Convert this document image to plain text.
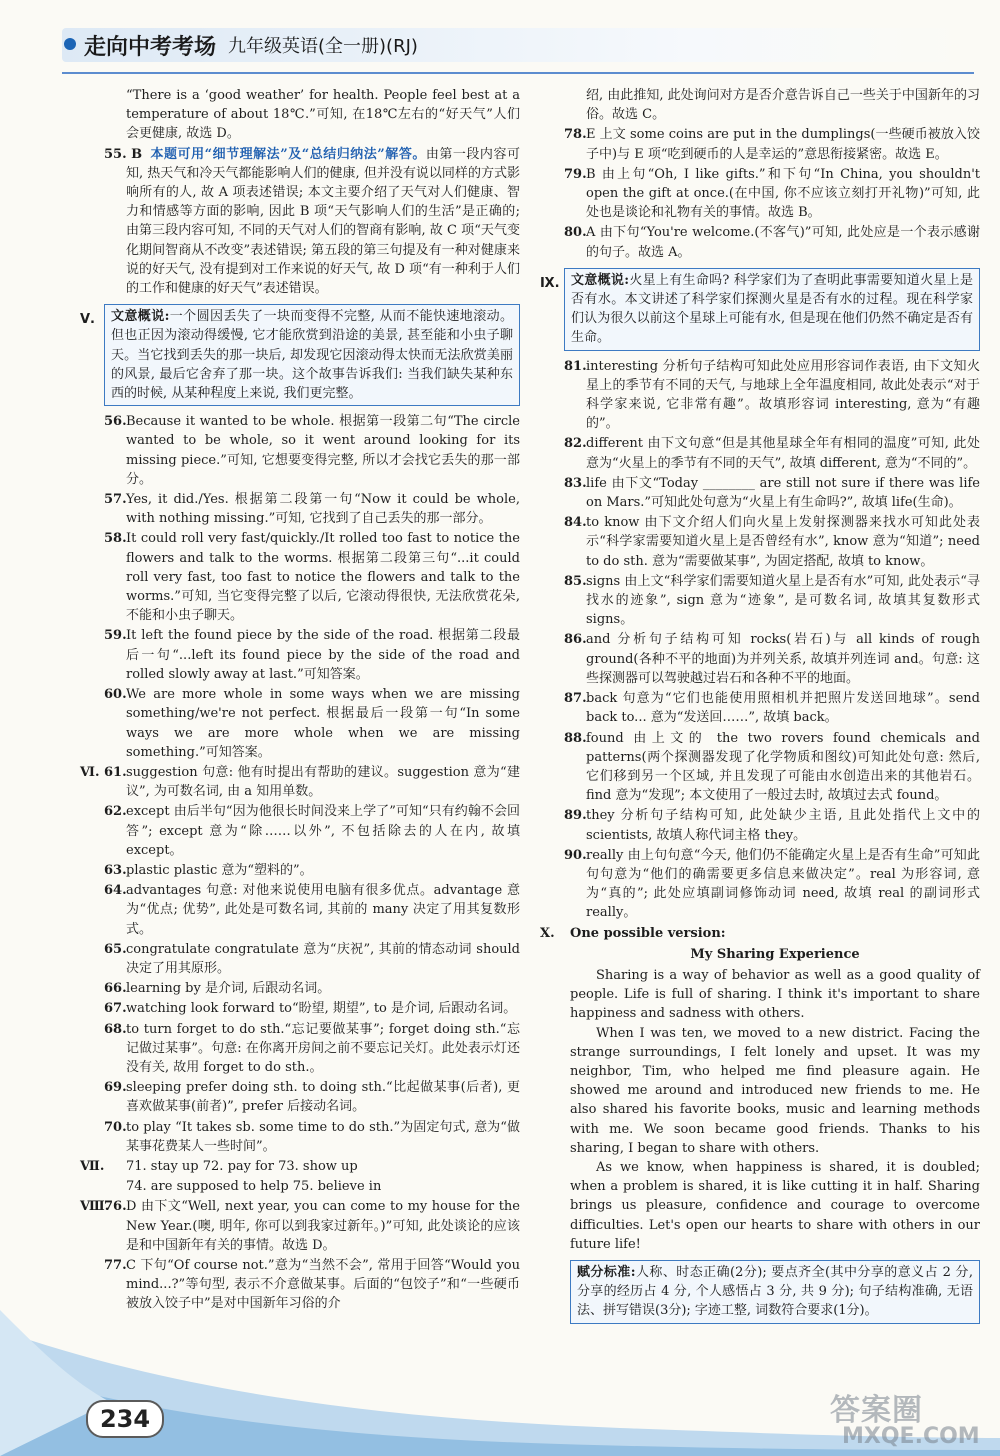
走向中考考场 九年级英语(全一册)(RJ)
“There is a ‘good weather’ for health. People feel best at a temperature of about 18℃.”可知, 在18℃左右的“好天气”人们会更健康, 故选 D。
55. B 本题可用“细节理解法”及“总结归纳法”解答。由第一段内容可知, 热天气和冷天气都能影响人们的健康, 但并没有说以同样的方式影响所有的人, 故 A 项表述错误; 本文主要介绍了天气对人们健康、智力和情感等方面的影响, 因此 B 项“天气影响人们的生活”是正确的; 由第三段内容可知, 不同的天气对人们的智商有影响, 故 C 项“天气变化期间智商从不改变”表述错误; 第五段的第三句提及有一种对健康来说的好天气, 没有提到对工作来说的好天气, 故 D 项“有一种利于人们的工作和健康的好天气”表述错误。
Ⅴ.	文意概说:一个圆因丢失了一块而变得不完整, 从而不能快速地滚动。但也正因为滚动得缓慢, 它才能欣赏到沿途的美景, 甚至能和小虫子聊天。当它找到丢失的那一块后, 却发现它因滚动得太快而无法欣赏美丽的风景, 最后它舍弃了那一块。这个故事告诉我们: 当我们缺失某种东西的时候, 从某种程度上来说, 我们更完整。
56. Because it wanted to be whole. 根据第一段第二句“The circle wanted to be whole, so it went around looking for its missing piece.”可知, 它想要变得完整, 所以才会找它丢失的那一部分。
57. Yes, it did./Yes. 根据第二段第一句“Now it could be whole, with nothing missing.”可知, 它找到了自己丢失的那一部分。
58. It could roll very fast/quickly./It rolled too fast to notice the flowers and talk to the worms. 根据第二段第三句“...it could roll very fast, too fast to notice the flowers and talk to the worms.”可知, 当它变得完整了以后, 它滚动得很快, 无法欣赏花朵, 不能和小虫子聊天。
59. It left the found piece by the side of the road. 根据第二段最后一句“...left its found piece by the side of the road and rolled slowly away at last.”可知答案。
60. We are more whole in some ways when we are missing something/we're not perfect. 根据最后一段第一句“In some ways we are more whole when we are missing something.”可知答案。
Ⅵ. 61. suggestion 句意: 他有时提出有帮助的建议。suggestion 意为“建议”, 为可数名词, 由 a 知用单数。
62. except 由后半句“因为他很长时间没来上学了”可知“只有约翰不会回答”; except 意为“除……以外”, 不包括除去的人在内, 故填 except。
63. plastic plastic 意为“塑料的”。
64. advantages 句意: 对他来说使用电脑有很多优点。advantage 意为“优点; 优势”, 此处是可数名词, 其前的 many 决定了用其复数形式。
65. congratulate congratulate 意为“庆祝”, 其前的情态动词 should 决定了用其原形。
66. learning by 是介词, 后跟动名词。
67. watching look forward to“盼望, 期望”, to 是介词, 后跟动名词。
68. to turn forget to do sth.“忘记要做某事”; forget doing sth.“忘记做过某事”。句意: 在你离开房间之前不要忘记关灯。此处表示灯还没有关, 故用 forget to do sth.。
69. sleeping prefer doing sth. to doing sth.“比起做某事(后者), 更喜欢做某事(前者)”, prefer 后接动名词。
70. to play “It takes sb. some time to do sth.”为固定句式, 意为“做某事花费某人一些时间”。
Ⅶ.	71. stay up 72. pay for 73. show up
74. are supposed to help 75. believe in
Ⅷ.
76. D 由下文“Well, next year, you can come to my house for the New Year.(噢, 明年, 你可以到我家过新年。)”可知, 此处谈论的应该是和中国新年有关的事情。故选 D。
77. C 下句“Of course not.”意为“当然不会”, 常用于回答“Would you mind...?”等句型, 表示不介意做某事。后面的“包饺子”和“一些硬币被放入饺子中”是对中国新年习俗的介
绍, 由此推知, 此处询问对方是否介意告诉自己一些关于中国新年的习俗。故选 C。
78. E 上文 some coins are put in the dumplings(一些硬币被放入饺子中)与 E 项“吃到硬币的人是幸运的”意思衔接紧密。故选 E。
79. B 由上句“Oh, I like gifts.”和下句“In China, you shouldn't open the gift at once.(在中国, 你不应该立刻打开礼物)”可知, 此处也是谈论和礼物有关的事情。故选 B。
80. A 由下句“You're welcome.(不客气)”可知, 此处应是一个表示感谢的句子。故选 A。
Ⅸ. 文意概说:火星上有生命吗? 科学家们为了查明此事需要知道火星上是否有水。本文讲述了科学家们探测火星是否有水的过程。现在科学家们认为很久以前这个星球上可能有水, 但是现在他们仍然不确定是否有生命。
81. interesting 分析句子结构可知此处应用形容词作表语, 由下文知火星上的季节有不同的天气, 与地球上全年温度相同, 故此处表示“对于科学家来说, 它非常有趣”。故填形容词 interesting, 意为“有趣的”。
82. different 由下文句意“但是其他星球全年有相同的温度”可知, 此处意为“火星上的季节有不同的天气”, 故填 different, 意为“不同的”。
83. life 由下文“Today ________ are still not sure if there was life on Mars.”可知此处句意为“火星上有生命吗?”, 故填 life(生命)。
84. to know 由下文介绍人们向火星上发射探测器来找水可知此处表示“科学家需要知道火星上是否曾经有水”, know 意为“知道”; need to do sth. 意为“需要做某事”, 为固定搭配, 故填 to know。
85. signs 由上文“科学家们需要知道火星上是否有水”可知, 此处表示“寻找水的迹象”, sign 意为“迹象”, 是可数名词, 故填其复数形式 signs。
86. and 分析句子结构可知 rocks(岩石)与 all kinds of rough ground(各种不平的地面)为并列关系, 故填并列连词 and。句意: 这些探测器可以驾驶越过岩石和各种不平的地面。
87. back 句意为“它们也能使用照相机并把照片发送回地球”。send back to... 意为“发送回……”, 故填 back。
88. found 由上文的 the two rovers found chemicals and patterns(两个探测器发现了化学物质和图纹)可知此处句意: 然后, 它们移到另一个区域, 并且发现了可能由水创造出来的其他岩石。find 意为“发现”; 本文使用了一般过去时, 故填过去式 found。
89. they 分析句子结构可知, 此处缺少主语, 且此处指代上文中的 scientists, 故填人称代词主格 they。
90. really 由上句句意“今天, 他们仍不能确定火星上是否有生命”可知此句句意为“他们的确需要更多信息来做决定”。real 为形容词, 意为“真的”; 此处应填副词修饰动词 need, 故填 real 的副词形式 really。
Ⅹ. One possible version:
My Sharing Experience
Sharing is a way of behavior as well as a good quality of people. Life is full of sharing. I think it's important to share happiness and sadness with others.
When I was ten, we moved to a new district. Facing the strange surroundings, I felt lonely and upset. It was my neighbor, Tim, who helped me find pleasure again. He showed me around and introduced new friends to me. He also shared his favorite books, music and learning methods with me. We soon became good friends. Thanks to his sharing, I began to share with others.
As we know, when happiness is shared, it is doubled; when a problem is shared, it is like cutting it in half. Sharing brings us pleasure, confidence and courage to overcome difficulties. Let's open our hearts to share with others in our future life!
赋分标准:人称、时态正确(2分); 要点齐全(其中分享的意义占 2 分, 分享的经历占 4 分, 个人感悟占 3 分, 共 9 分); 句子结构准确, 无语法、拼写错误(3分); 字迹工整, 词数符合要求(1分)。
234	答案圈
MXQE.COM
